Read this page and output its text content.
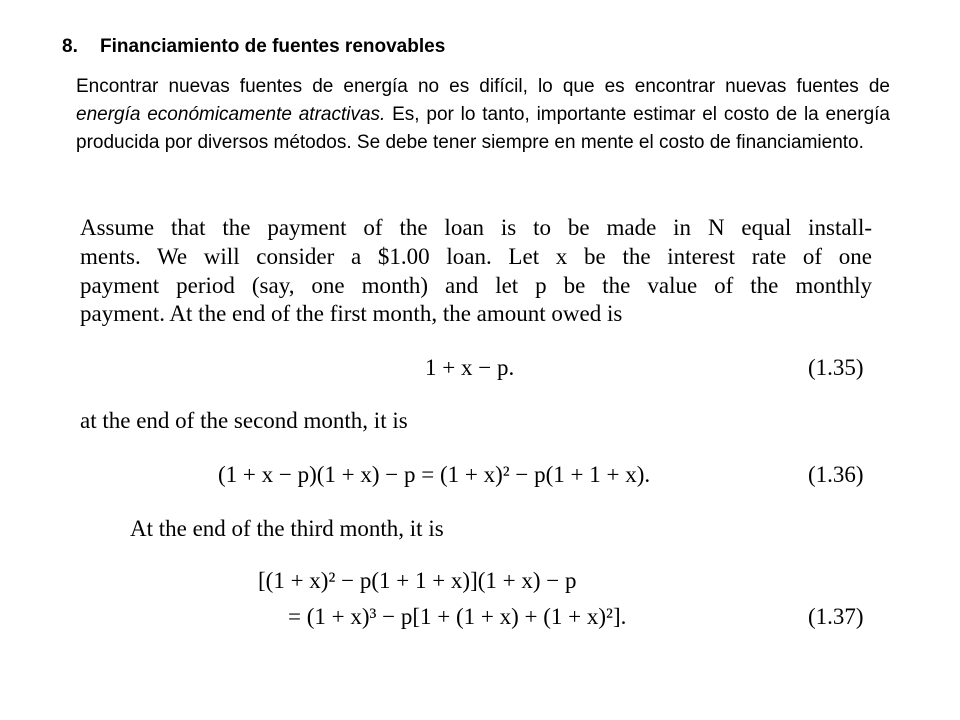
8. Financiamiento de fuentes renovables
Encontrar nuevas fuentes de energía no es difícil, lo que es encontrar nuevas fuentes de energía económicamente atractivas. Es, por lo tanto, importante estimar el costo de la energía producida por diversos métodos. Se debe tener siempre en mente el costo de financiamiento.
Assume that the payment of the loan is to be made in N equal install-
ments. We will consider a $1.00 loan. Let x be the interest rate of one
payment period (say, one month) and let p be the value of the monthly
payment. At the end of the first month, the amount owed is
1 + x − p.	(1.35)
at the end of the second month, it is
(1 + x − p)(1 + x) − p = (1 + x)² − p(1 + 1 + x).	(1.36)
At the end of the third month, it is
[(1 + x)² − p(1 + 1 + x)](1 + x) − p
= (1 + x)³ − p[1 + (1 + x) + (1 + x)²].	(1.37)
